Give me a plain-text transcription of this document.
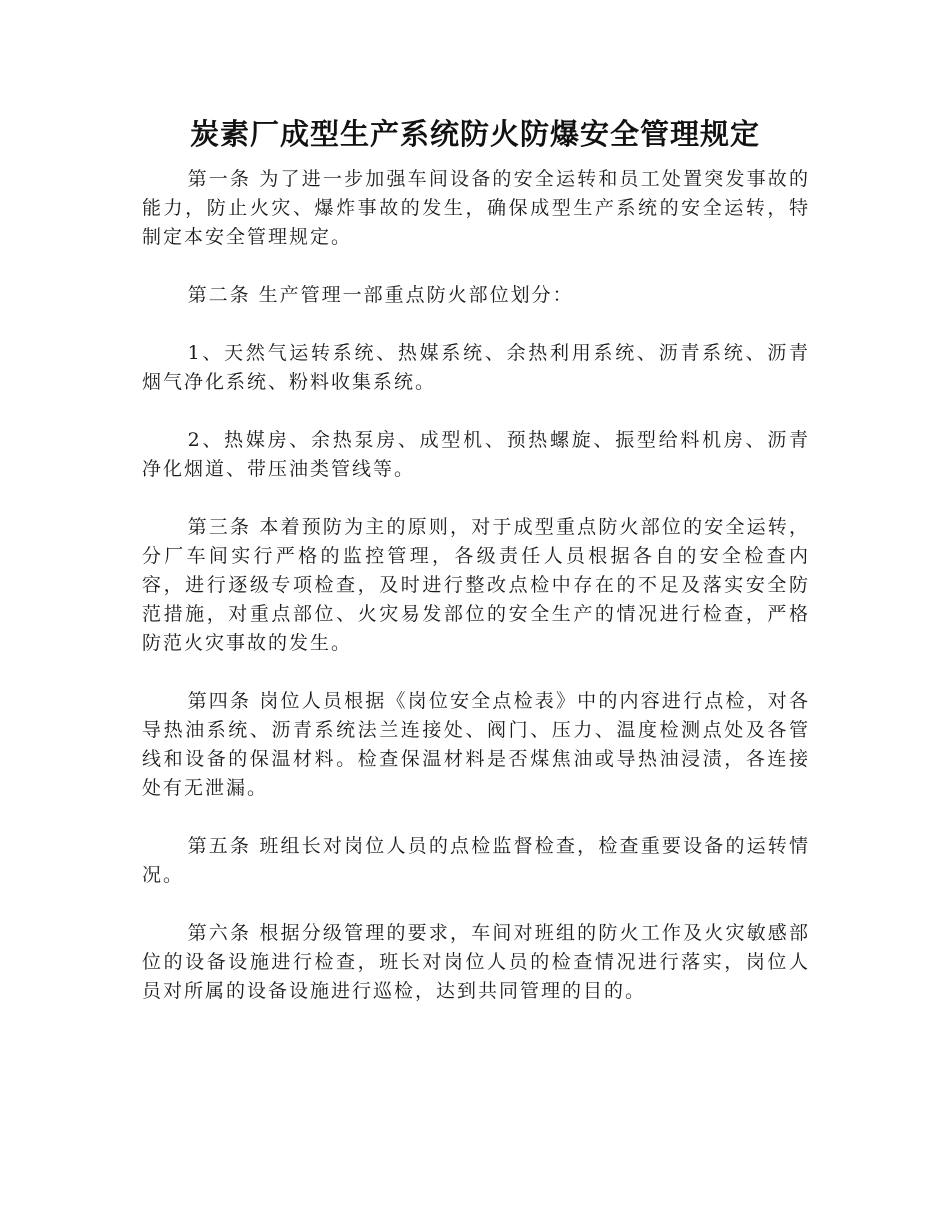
炭素厂成型生产系统防火防爆安全管理规定

第一条 为了进一步加强车间设备的安全运转和员工处置突发事故的能力，防止火灾、爆炸事故的发生，确保成型生产系统的安全运转，特制定本安全管理规定。

第二条 生产管理一部重点防火部位划分：

1、天然气运转系统、热媒系统、余热利用系统、沥青系统、沥青烟气净化系统、粉料收集系统。

2、热媒房、余热泵房、成型机、预热螺旋、振型给料机房、沥青净化烟道、带压油类管线等。

第三条 本着预防为主的原则，对于成型重点防火部位的安全运转，分厂车间实行严格的监控管理，各级责任人员根据各自的安全检查内容，进行逐级专项检查，及时进行整改点检中存在的不足及落实安全防范措施，对重点部位、火灾易发部位的安全生产的情况进行检查，严格防范火灾事故的发生。

第四条 岗位人员根据《岗位安全点检表》中的内容进行点检，对各导热油系统、沥青系统法兰连接处、阀门、压力、温度检测点处及各管线和设备的保温材料。检查保温材料是否煤焦油或导热油浸渍，各连接处有无泄漏。

第五条 班组长对岗位人员的点检监督检查，检查重要设备的运转情况。

第六条 根据分级管理的要求，车间对班组的防火工作及火灾敏感部位的设备设施进行检查，班长对岗位人员的检查情况进行落实，岗位人员对所属的设备设施进行巡检，达到共同管理的目的。
